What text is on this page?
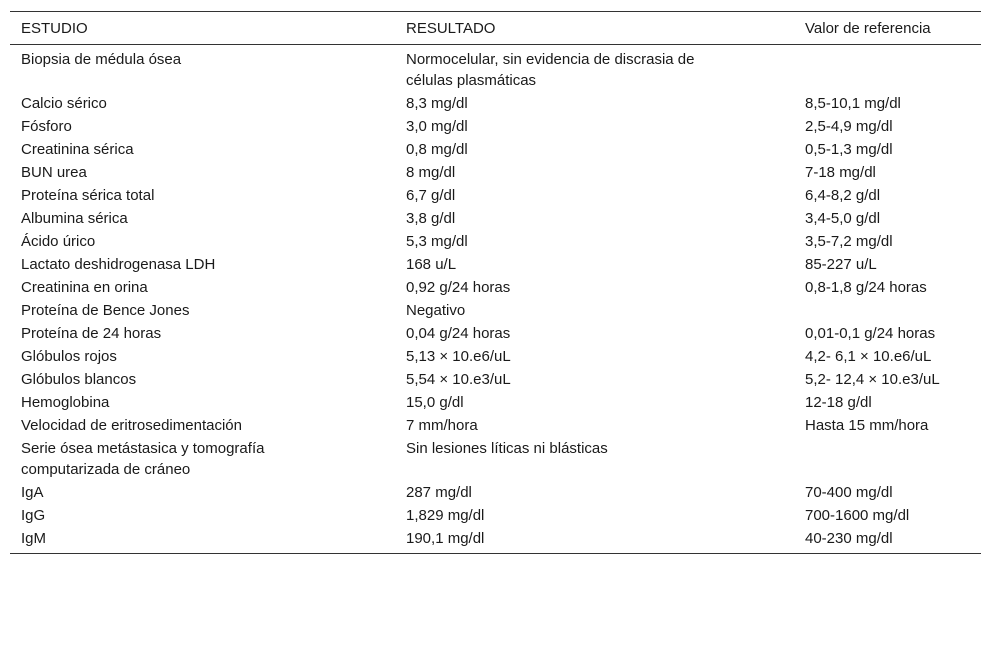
ESTUDIO	RESULTADO	Valor de referencia
Biopsia de médula ósea	Normocelular, sin evidencia de discrasia de células plasmáticas	

Calcio sérico	8,3 mg/dl	8,5-10,1 mg/dl
Fósforo	3,0 mg/dl	2,5-4,9 mg/dl
Creatinina sérica	0,8 mg/dl	0,5-1,3 mg/dl
BUN urea	8 mg/dl	7-18 mg/dl
Proteína sérica total	6,7 g/dl	6,4-8,2 g/dl
Albumina sérica	3,8 g/dl	3,4-5,0 g/dl
Ácido úrico	5,3 mg/dl	3,5-7,2 mg/dl
Lactato deshidrogenasa LDH	168 u/L	85-227 u/L
Creatinina en orina	0,92 g/24 horas	0,8-1,8 g/24 horas

Proteína de Bence Jones	Negativo	
Proteína de 24 horas	0,04 g/24 horas	0,01-0,1 g/24 horas

Glóbulos rojos	5,13 × 10.e6/uL	4,2- 6,1 × 10.e6/uL

Glóbulos blancos	5,54 × 10.e3/uL	5,2- 12,4 × 10.e3/uL

Hemoglobina	15,0 g/dl	12-18 g/dl
Velocidad de eritrosedimentación	7 mm/hora	Hasta 15 mm/hora

Serie ósea metástasica y tomografía computarizada de cráneo	Sin lesiones líticas ni blásticas	
IgA	287 mg/dl	70-400 mg/dl
IgG	1,829 mg/dl	700-1600 mg/dl
IgM	190,1 mg/dl	40-230 mg/dl
